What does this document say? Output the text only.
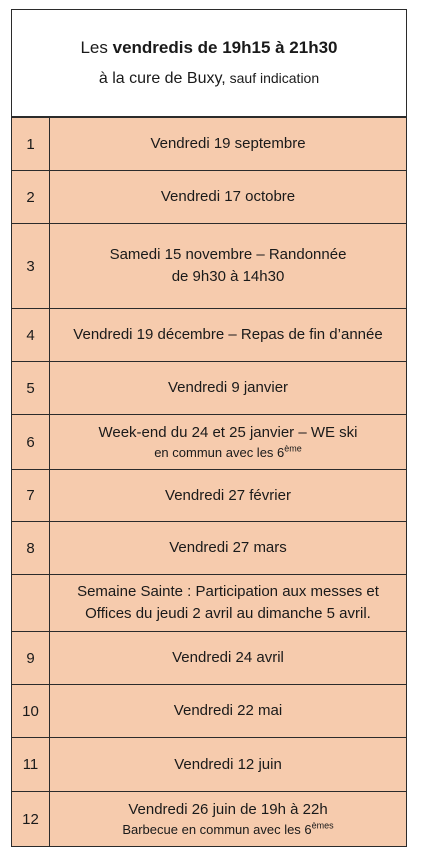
Les vendredis de 19h15 à 21h30
à la cure de Buxy, sauf indication
1	Vendredi 19 septembre

2	Vendredi 17 octobre

3	Samedi 15 novembre – Randonnée
de 9h30 à 14h30

4	Vendredi 19 décembre – Repas de fin d’année

5	Vendredi 9 janvier

6	Week-end du 24 et 25 janvier – WE ski
en commun avec les 6ème

7	Vendredi 27 février

8	Vendredi 27 mars

	Semaine Sainte : Participation aux messes et
Offices du jeudi 2 avril au dimanche 5 avril.

9	Vendredi 24 avril

10	Vendredi 22 mai

11	Vendredi 12 juin

12	Vendredi 26 juin de 19h à 22h
Barbecue en commun avec les 6èmes
